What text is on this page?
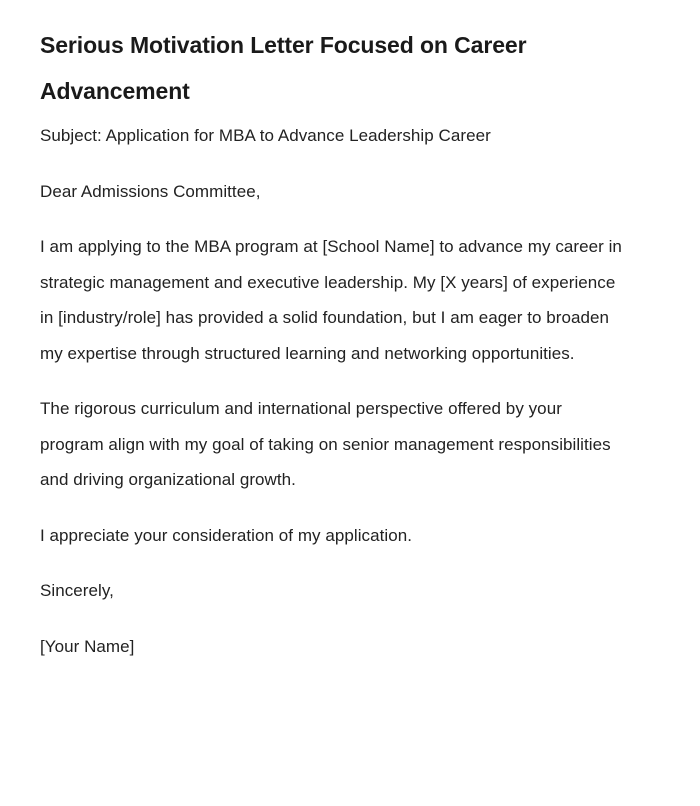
Serious Motivation Letter Focused on Career Advancement

Subject: Application for MBA to Advance Leadership Career

Dear Admissions Committee,

I am applying to the MBA program at [School Name] to advance my career in strategic management and executive leadership. My [X years] of experience in [industry/role] has provided a solid foundation, but I am eager to broaden my expertise through structured learning and networking opportunities.

The rigorous curriculum and international perspective offered by your program align with my goal of taking on senior management responsibilities and driving organizational growth.

I appreciate your consideration of my application.

Sincerely,

[Your Name]
